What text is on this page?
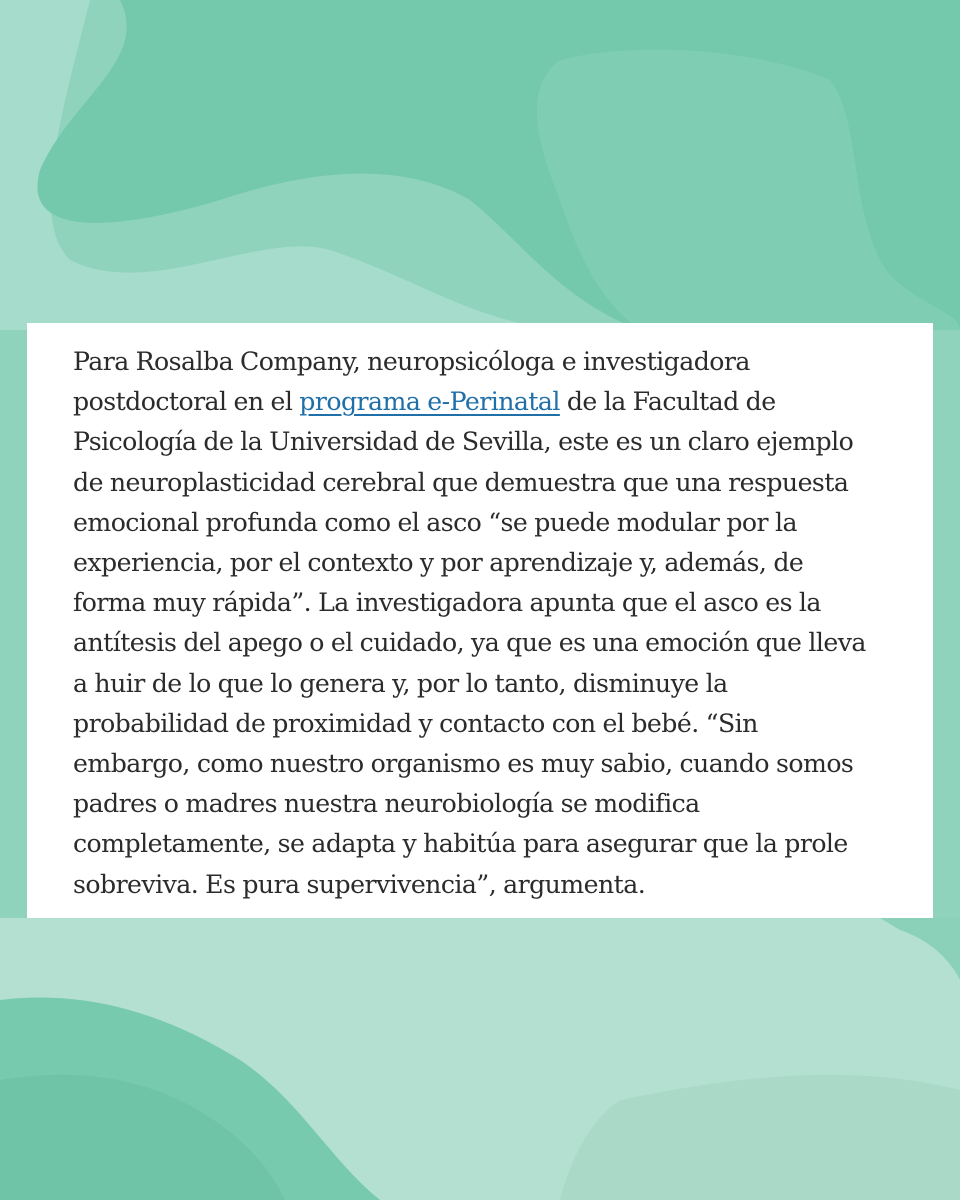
Para Rosalba Company, neuropsicóloga e investigadora
postdoctoral en el programa e-Perinatal de la Facultad de
Psicología de la Universidad de Sevilla, este es un claro ejemplo
de neuroplasticidad cerebral que demuestra que una respuesta
emocional profunda como el asco “se puede modular por la
experiencia, por el contexto y por aprendizaje y, además, de
forma muy rápida”. La investigadora apunta que el asco es la
antítesis del apego o el cuidado, ya que es una emoción que lleva
a huir de lo que lo genera y, por lo tanto, disminuye la
probabilidad de proximidad y contacto con el bebé. “Sin
embargo, como nuestro organismo es muy sabio, cuando somos
padres o madres nuestra neurobiología se modifica
completamente, se adapta y habitúa para asegurar que la prole
sobreviva. Es pura supervivencia”, argumenta.
